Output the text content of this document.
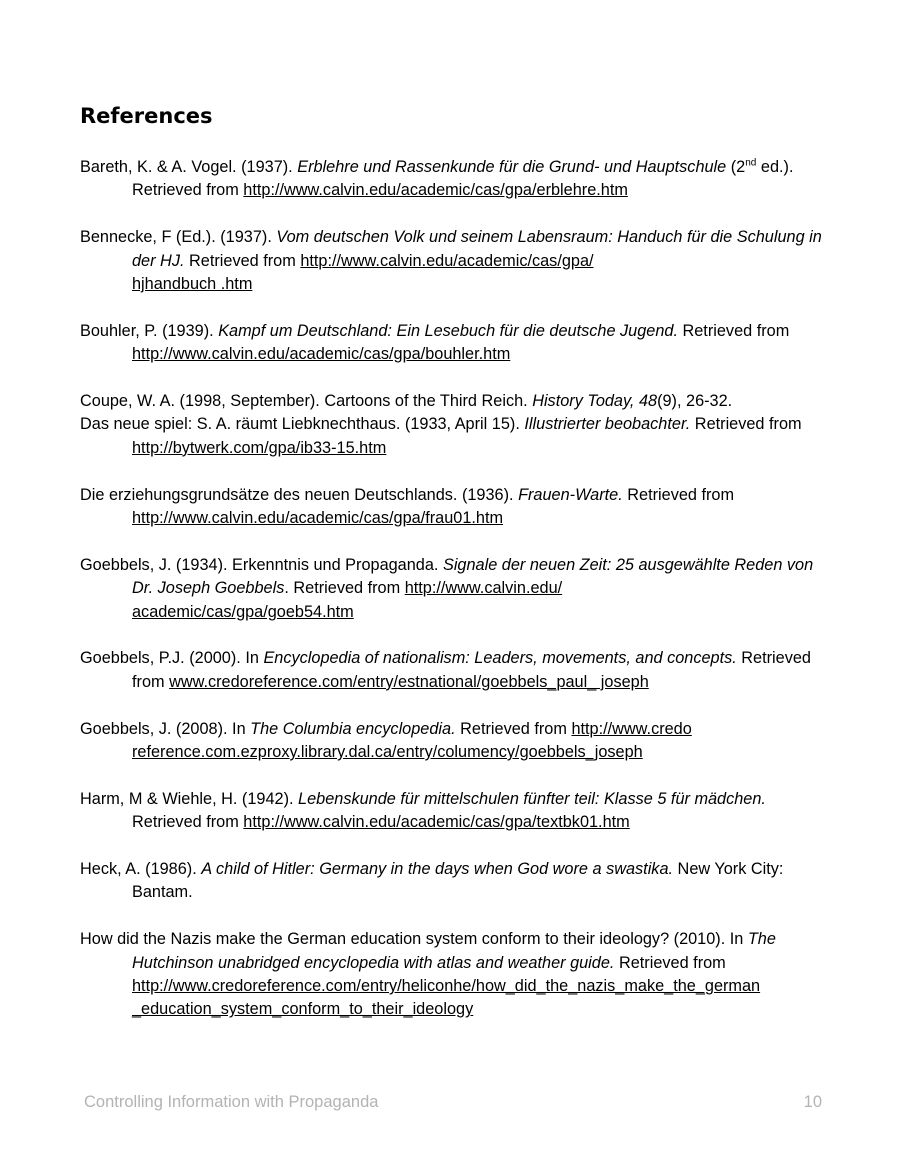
References

Bareth, K. & A. Vogel. (1937). Erblehre und Rassenkunde für die Grund- und Hauptschule (2nd ed.). Retrieved from http://www.calvin.edu/academic/cas/gpa/erblehre.htm

Bennecke, F (Ed.). (1937). Vom deutschen Volk und seinem Labensraum: Handuch für die Schulung in der HJ. Retrieved from http://www.calvin.edu/academic/cas/gpa/
hjhandbuch .htm

Bouhler, P. (1939). Kampf um Deutschland: Ein Lesebuch für die deutsche Jugend. Retrieved from http://www.calvin.edu/academic/cas/gpa/bouhler.htm

Coupe, W. A. (1998, September). Cartoons of the Third Reich. History Today, 48(9), 26-32.

Das neue spiel: S. A. räumt Liebknechthaus. (1933, April 15). Illustrierter beobachter. Retrieved from http://bytwerk.com/gpa/ib33-15.htm

Die erziehungsgrundsätze des neuen Deutschlands. (1936). Frauen-Warte. Retrieved from http://www.calvin.edu/academic/cas/gpa/frau01.htm

Goebbels, J. (1934). Erkenntnis und Propaganda. Signale der neuen Zeit: 25 ausgewählte Reden von Dr. Joseph Goebbels. Retrieved from http://www.calvin.edu/
academic/cas/gpa/goeb54.htm

Goebbels, P.J. (2000). In Encyclopedia of nationalism: Leaders, movements, and concepts. Retrieved from www.credoreference.com/entry/estnational/goebbels_paul_ joseph

Goebbels, J. (2008). In The Columbia encyclopedia. Retrieved from http://www.credo
reference.com.ezproxy.library.dal.ca/entry/columency/goebbels_joseph

Harm, M & Wiehle, H. (1942). Lebenskunde für mittelschulen fünfter teil: Klasse 5 für mädchen. Retrieved from http://www.calvin.edu/academic/cas/gpa/textbk01.htm

Heck, A. (1986). A child of Hitler: Germany in the days when God wore a swastika. New York City: Bantam.

How did the Nazis make the German education system conform to their ideology? (2010). In The Hutchinson unabridged encyclopedia with atlas and weather guide. Retrieved from http://www.credoreference.com/entry/heliconhe/how_did_the_nazis_make_the_german
_education_system_conform_to_their_ideology

Controlling Information with Propaganda	10
